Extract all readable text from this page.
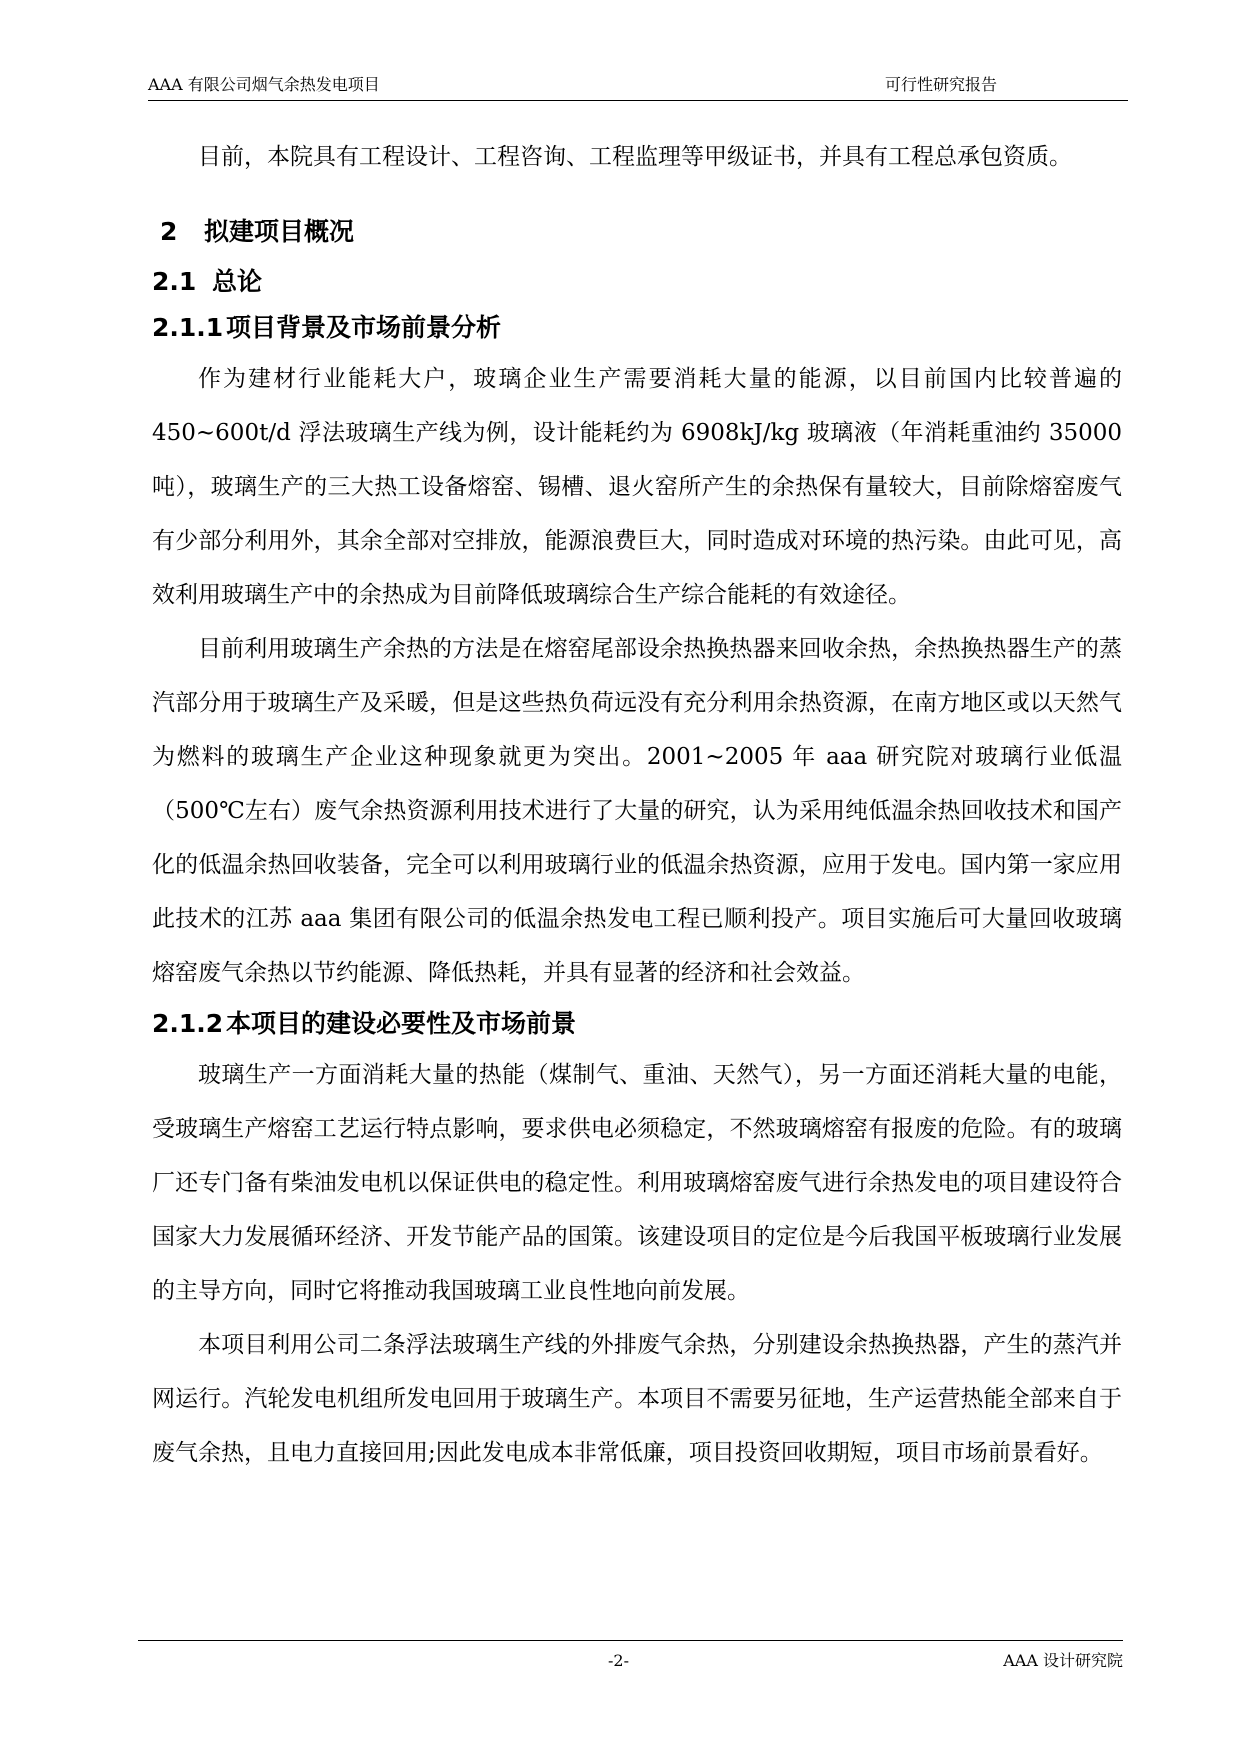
AAA 有限公司烟气余热发电项目	可行性研究报告

目前，本院具有工程设计、工程咨询、工程监理等甲级证书，并具有工程总承包资质。

2	拟建项目概况
2.1 总论
2.1.1 项目背景及市场前景分析

作为建材行业能耗大户，玻璃企业生产需要消耗大量的能源，以目前国内比较普遍的 450~600t/d 浮法玻璃生产线为例，设计能耗约为 6908kJ/kg 玻璃液（年消耗重油约 35000 吨），玻璃生产的三大热工设备熔窑、锡槽、退火窑所产生的余热保有量较大，目前除熔窑废气有少部分利用外，其余全部对空排放，能源浪费巨大，同时造成对环境的热污染。由此可见，高效利用玻璃生产中的余热成为目前降低玻璃综合生产综合能耗的有效途径。

目前利用玻璃生产余热的方法是在熔窑尾部设余热换热器来回收余热，余热换热器生产的蒸汽部分用于玻璃生产及采暖，但是这些热负荷远没有充分利用余热资源，在南方地区或以天然气为燃料的玻璃生产企业这种现象就更为突出。2001~2005 年 aaa 研究院对玻璃行业低温（500℃左右）废气余热资源利用技术进行了大量的研究，认为采用纯低温余热回收技术和国产化的低温余热回收装备，完全可以利用玻璃行业的低温余热资源，应用于发电。国内第一家应用此技术的江苏 aaa 集团有限公司的低温余热发电工程已顺利投产。项目实施后可大量回收玻璃熔窑废气余热以节约能源、降低热耗，并具有显著的经济和社会效益。

2.1.2 本项目的建设必要性及市场前景

玻璃生产一方面消耗大量的热能（煤制气、重油、天然气），另一方面还消耗大量的电能，受玻璃生产熔窑工艺运行特点影响，要求供电必须稳定，不然玻璃熔窑有报废的危险。有的玻璃厂还专门备有柴油发电机以保证供电的稳定性。利用玻璃熔窑废气进行余热发电的项目建设符合国家大力发展循环经济、开发节能产品的国策。该建设项目的定位是今后我国平板玻璃行业发展的主导方向，同时它将推动我国玻璃工业良性地向前发展。

本项目利用公司二条浮法玻璃生产线的外排废气余热，分别建设余热换热器，产生的蒸汽并网运行。汽轮发电机组所发电回用于玻璃生产。本项目不需要另征地，生产运营热能全部来自于废气余热，且电力直接回用;因此发电成本非常低廉，项目投资回收期短，项目市场前景看好。

-2-	AAA 设计研究院
